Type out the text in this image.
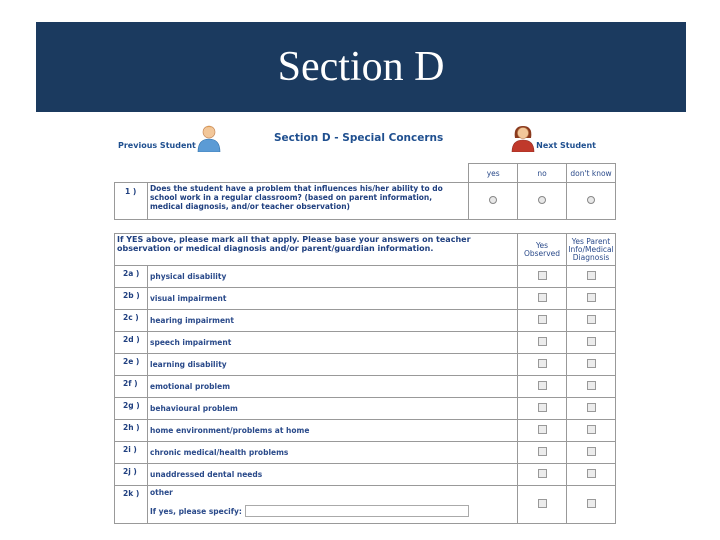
Section D
Previous Student
Section D - Special Concerns
Next Student
		yes	no	don't know
1 )	Does the student have a problem that influences his/her ability to do school work in a regular classroom? (based on parent information, medical diagnosis, and/or teacher observation)			
If YES above, please mark all that apply. Please base your answers on teacher observation or medical diagnosis and/or parent/guardian information.		Yes Observed	Yes Parent Info/Medical Diagnosis
2a )	physical disability		
2b )	visual impairment		
2c )	hearing impairment		
2d )	speech impairment		
2e )	learning disability		
2f )	emotional problem		
2g )	behavioural problem		
2h )	home environment/problems at home		
2i )	chronic medical/health problems		
2j )	unaddressed dental needs		
2k )	other
If yes, please specify:		
